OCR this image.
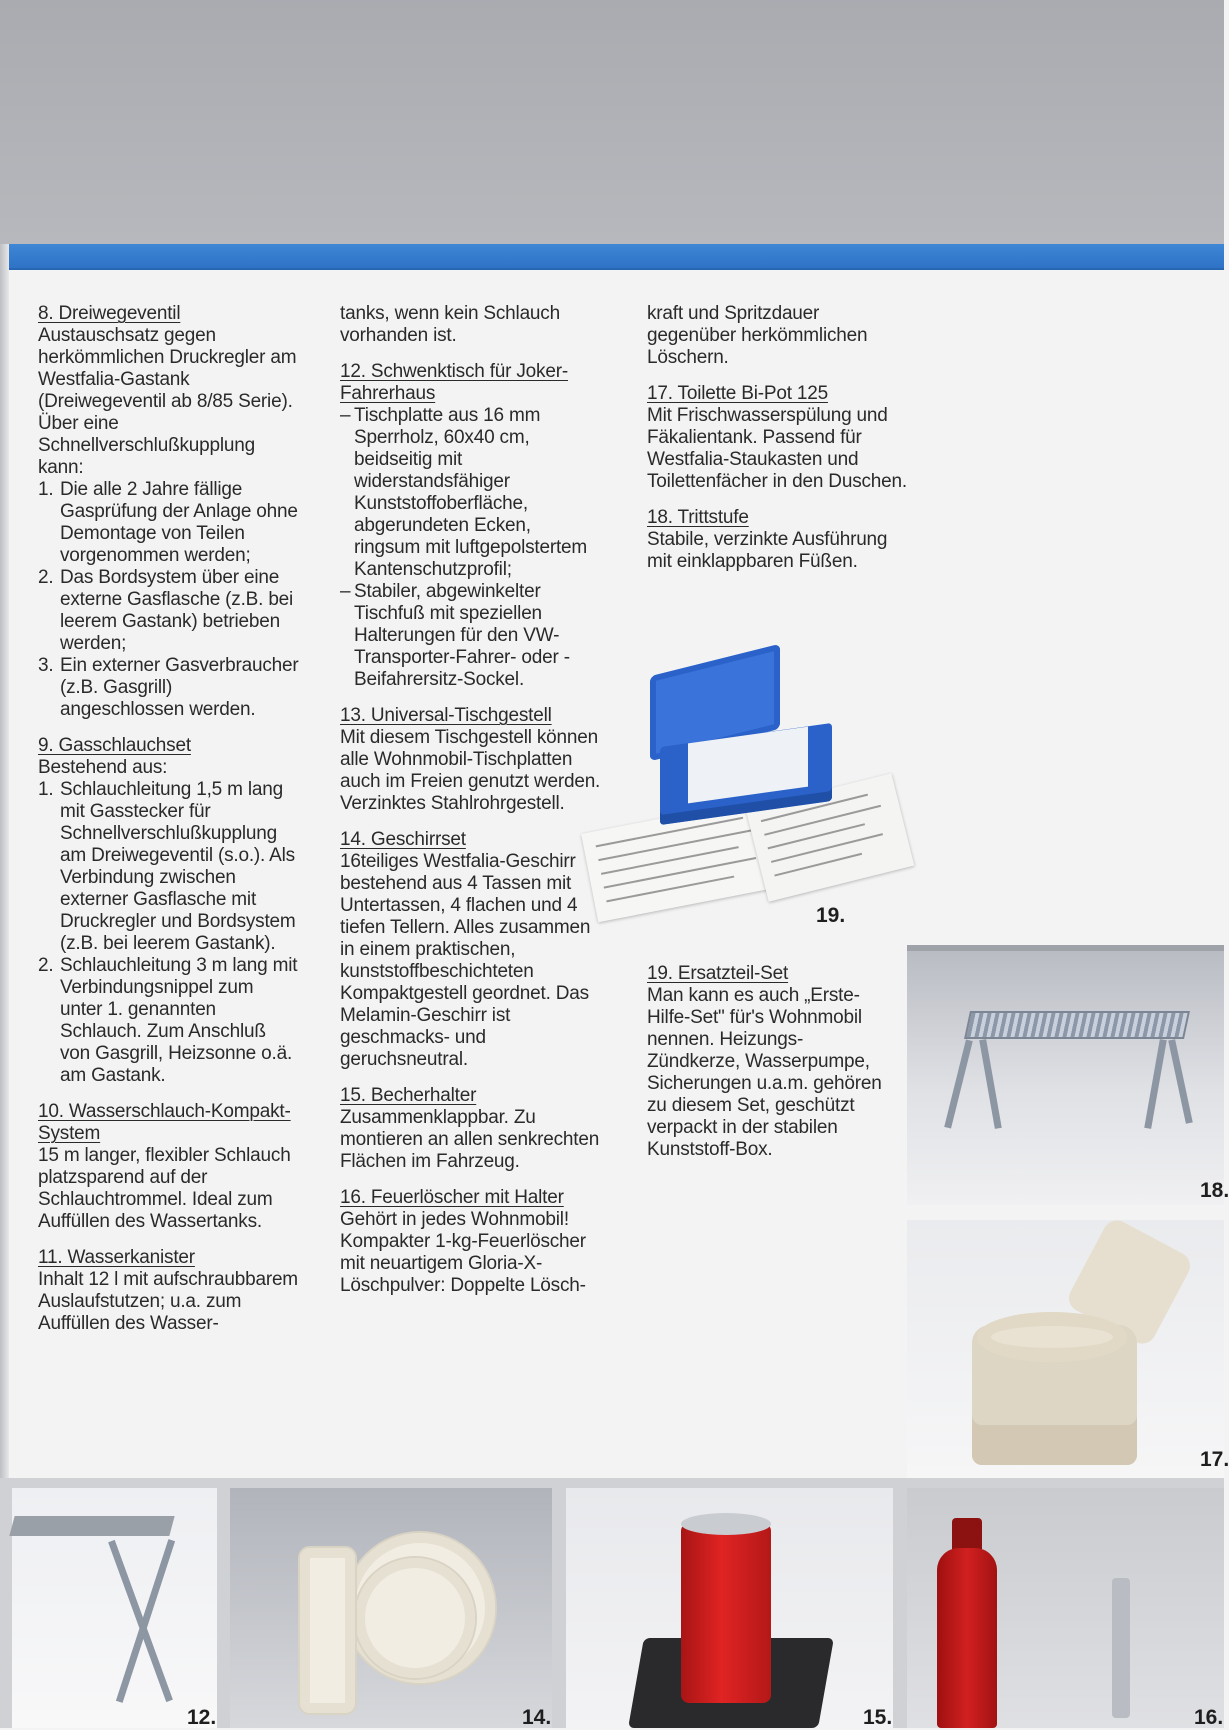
8. Dreiwegeventil
Austauschsatz gegen herkömmlichen Druckregler am Westfalia-Gastank (Dreiwegeventil ab 8/85 Serie).
Über eine Schnellverschlußkupplung kann:
1. Die alle 2 Jahre fällige Gasprüfung der Anlage ohne Demontage von Teilen vorgenommen werden;
2. Das Bordsystem über eine externe Gasflasche (z.B. bei leerem Gastank) betrieben werden;
3. Ein externer Gasverbraucher (z.B. Gasgrill) angeschlossen werden.
9. Gasschlauchset
Bestehend aus:
1. Schlauchleitung 1,5 m lang mit Gasstecker für Schnellverschlußkupplung am Dreiwegeventil (s.o.). Als Verbindung zwischen externer Gasflasche mit Druckregler und Bordsystem (z.B. bei leerem Gastank).
2. Schlauchleitung 3 m lang mit Verbindungsnippel zum unter 1. genannten Schlauch. Zum Anschluß von Gasgrill, Heizsonne o.ä. am Gastank.
10. Wasserschlauch-Kompakt-System
15 m langer, flexibler Schlauch platzsparend auf der Schlauchtrommel. Ideal zum Auffüllen des Wassertanks.
11. Wasserkanister
Inhalt 12 l mit aufschraubbarem Auslaufstutzen; u.a. zum Auffüllen des Wasser-
tanks, wenn kein Schlauch vorhanden ist.
12. Schwenktisch für Joker-Fahrerhaus
– Tischplatte aus 16 mm Sperrholz, 60x40 cm, beidseitig mit widerstandsfähiger Kunststoffoberfläche, abgerundeten Ecken, ringsum mit luftgepolstertem Kantenschutzprofil;
– Stabiler, abgewinkelter Tischfuß mit speziellen Halterungen für den VW-Transporter-Fahrer- oder -Beifahrersitz-Sockel.
13. Universal-Tischgestell
Mit diesem Tischgestell können alle Wohnmobil-Tischplatten auch im Freien genutzt werden. Verzinktes Stahlrohrgestell.
14. Geschirrset
16teiliges Westfalia-Geschirr bestehend aus 4 Tassen mit Untertassen, 4 flachen und 4 tiefen Tellern. Alles zusammen in einem praktischen, kunststoffbeschichteten Kompaktgestell geordnet. Das Melamin-Geschirr ist geschmacks- und geruchsneutral.
15. Becherhalter
Zusammenklappbar. Zu montieren an allen senkrechten Flächen im Fahrzeug.
16. Feuerlöscher mit Halter
Gehört in jedes Wohnmobil! Kompakter 1-kg-Feuerlöscher mit neuartigem Gloria-X-Löschpulver: Doppelte Lösch-
kraft und Spritzdauer gegenüber herkömmlichen Löschern.
17. Toilette Bi-Pot 125
Mit Frischwasserspülung und Fäkalientank. Passend für Westfalia-Staukasten und Toilettenfächer in den Duschen.
18. Trittstufe
Stabile, verzinkte Ausführung mit einklappbaren Füßen.
19. Ersatzteil-Set
Man kann es auch „Erste-Hilfe-Set" für's Wohnmobil nennen. Heizungs-Zündkerze, Wasserpumpe, Sicherungen u.a.m. gehören zu diesem Set, geschützt verpackt in der stabilen Kunststoff-Box.
19.
18.
17.
12.	14.	15.	16.
